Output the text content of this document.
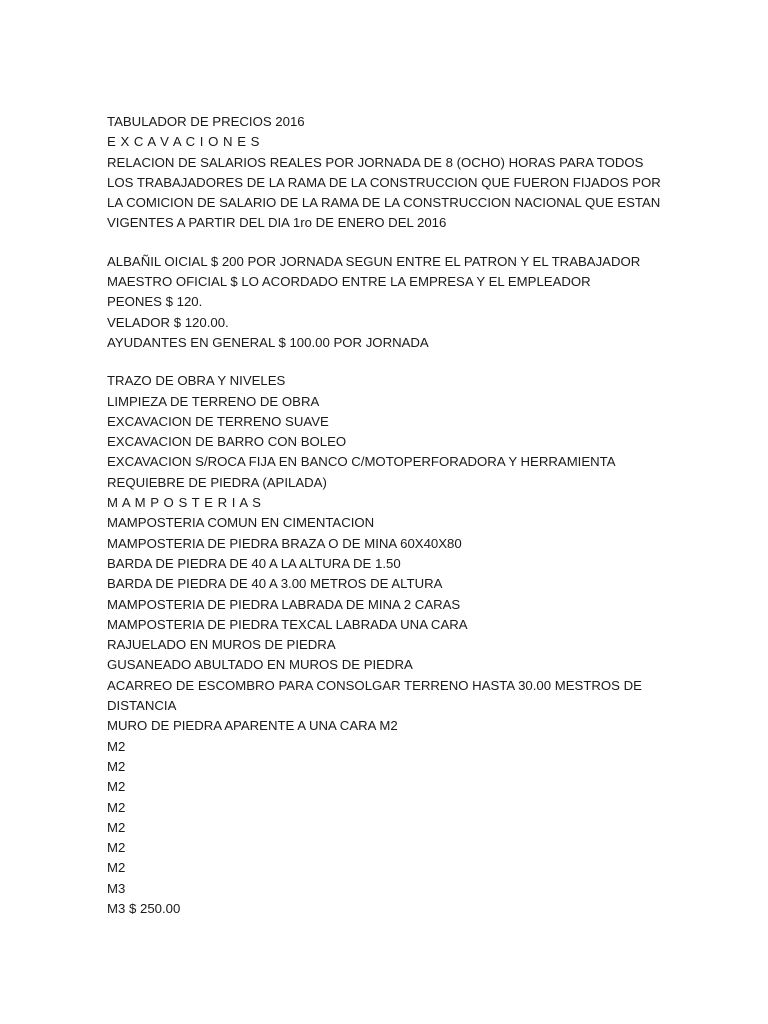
TABULADOR DE PRECIOS 2016
E X C A V A C I O N E S
RELACION DE SALARIOS REALES POR JORNADA DE 8 (OCHO) HORAS PARA TODOS
LOS TRABAJADORES DE LA RAMA DE LA CONSTRUCCION QUE FUERON FIJADOS POR
LA COMICION DE SALARIO DE LA RAMA DE LA CONSTRUCCION NACIONAL QUE ESTAN
VIGENTES A PARTIR DEL DIA 1ro DE ENERO DEL 2016
ALBAÑIL OICIAL $ 200 POR JORNADA SEGUN ENTRE EL PATRON Y EL TRABAJADOR
MAESTRO OFICIAL $ LO ACORDADO ENTRE LA EMPRESA Y EL EMPLEADOR
PEONES $ 120.
VELADOR $ 120.00.
AYUDANTES EN GENERAL $ 100.00 POR JORNADA
TRAZO DE OBRA Y NIVELES
LIMPIEZA DE TERRENO DE OBRA
EXCAVACION DE TERRENO SUAVE
EXCAVACION DE BARRO CON BOLEO
EXCAVACION S/ROCA FIJA EN BANCO C/MOTOPERFORADORA Y HERRAMIENTA
REQUIEBRE DE PIEDRA (APILADA)
M A M P O S T E R I A S
MAMPOSTERIA COMUN EN CIMENTACION
MAMPOSTERIA DE PIEDRA BRAZA O DE MINA 60X40X80
BARDA DE PIEDRA DE 40 A LA ALTURA DE 1.50
BARDA DE PIEDRA DE 40 A 3.00 METROS DE ALTURA
MAMPOSTERIA DE PIEDRA LABRADA DE MINA 2 CARAS
MAMPOSTERIA DE PIEDRA TEXCAL LABRADA UNA CARA
RAJUELADO EN MUROS DE PIEDRA
GUSANEADO ABULTADO EN MUROS DE PIEDRA
ACARREO DE ESCOMBRO PARA CONSOLGAR TERRENO HASTA 30.00 MESTROS DE
DISTANCIA
MURO DE PIEDRA APARENTE A UNA CARA M2
M2
M2
M2
M2
M2
M2
M2
M3
M3 $ 250.00
